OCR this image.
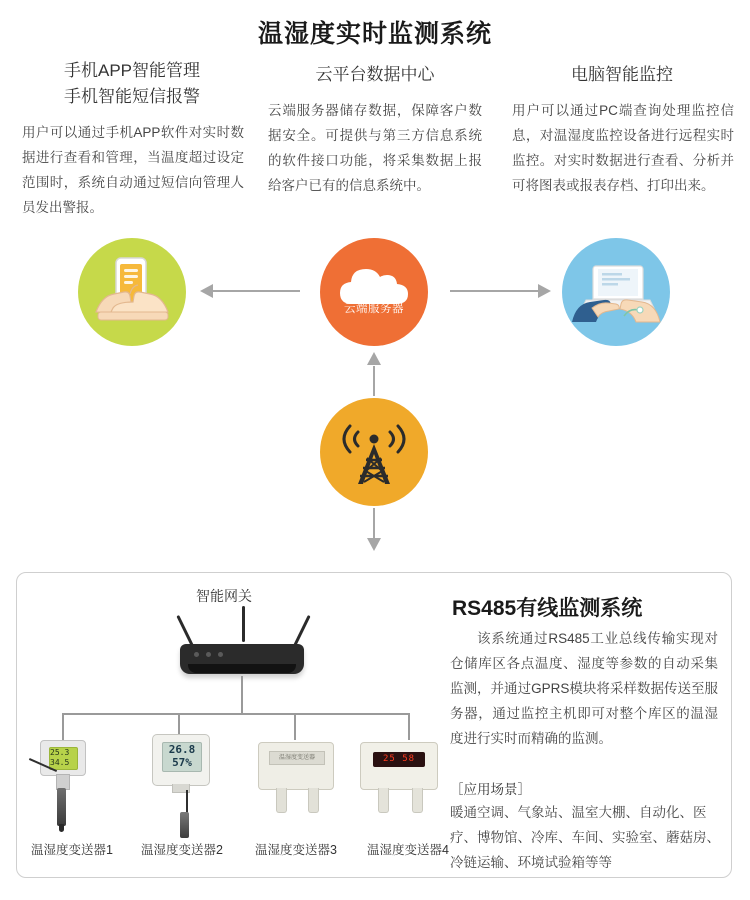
温湿度实时监测系统
手机APP智能管理
手机智能短信报警
用户可以通过手机APP软件对实时数据进行查看和管理，当温度超过设定范围时，系统自动通过短信向管理人员发出警报。
云平台数据中心
云端服务器储存数据，保障客户数据安全。可提供与第三方信息系统的软件接口功能，将采集数据上报给客户已有的信息系统中。
电脑智能监控
用户可以通过PC端查询处理监控信息，对温湿度监控设备进行远程实时监控。对实时数据进行查看、分析并可将图表或报表存档、打印出来。
云端服务器
智能网关
25.3
34.5
温湿度变送器1
26.8
57%
温湿度变送器2
温湿度变送器
温湿度变送器3
25 58
温湿度变送器4
RS485有线监测系统
该系统通过RS485工业总线传输实现对仓储库区各点温度、湿度等参数的自动采集监测，并通过GPRS模块将采样数据传送至服务器，通过监控主机即可对整个库区的温湿度进行实时而精确的监测。
［应用场景］
暖通空调、气象站、温室大棚、自动化、医疗、博物馆、冷库、车间、实验室、蘑菇房、冷链运输、环境试验箱等等
